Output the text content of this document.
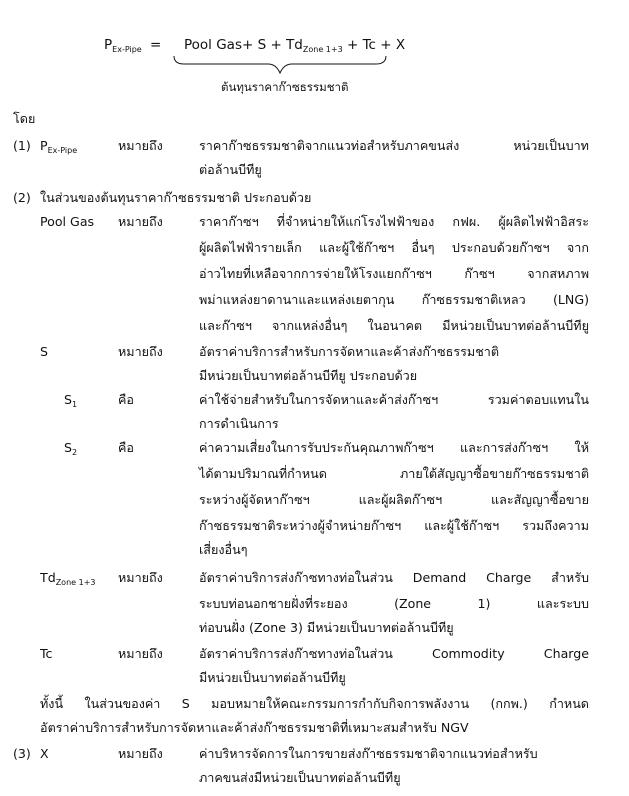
$P_{Ex-Pipe}$ = Pool $Gas+ S + Td_{Zone 1+3} + Tc + X$
ต้นทุนราคาก๊าซธรรมชาติ
โดย
(1) $P_{Ex-Pipe}$	หมายถึง	ราคาก๊าซธรรมชาติจากแนวท่อสำหรับภาคขนส่ง หน่วยเป็นบาท
ต่อล้านบีทียู
(2) ในส่วนของต้นทุนราคาก๊าซธรรมชาติ ประกอบด้วย
Pool Gas หมายถึง	ราคาก๊าซฯ ที่จำหน่ายให้แก่โรงไฟฟ้าของ กฟผ. ผู้ผลิตไฟฟ้าอิสระ
ผู้ผลิตไฟฟ้ารายเล็ก และผู้ใช้ก๊าซฯ อื่นๆ ประกอบด้วยก๊าซฯ จาก
อ่าวไทยที่เหลือจากการจ่ายให้โรงแยกก๊าซฯ ก๊าซฯ จากสหภาพ
พม่าแหล่งยาดานาและแหล่งเยตากุน ก๊าซธรรมชาติเหลว (LNG)
และก๊าซฯ จากแหล่งอื่นๆ ในอนาคต มีหน่วยเป็นบาทต่อล้านบีทียู
S	หมายถึง	อัตราค่าบริการสำหรับการจัดหาและค้าส่งก๊าซธรรมชาติ
มีหน่วยเป็นบาทต่อล้านบีทียู ประกอบด้วย
$S_1$	คือ	ค่าใช้จ่ายสำหรับในการจัดหาและค้าส่งก๊าซฯ รวมค่าตอบแทนใน
การดำเนินการ
$S_2$	คือ	ค่าความเสี่ยงในการรับประกันคุณภาพก๊าซฯ และการส่งก๊าซฯ ให้
ได้ตามปริมาณที่กำหนด ภายใต้สัญญาซื้อขายก๊าซธรรมชาติ
ระหว่างผู้จัดหาก๊าซฯ และผู้ผลิตก๊าซฯ และสัญญาซื้อขาย
ก๊าซธรรมชาติระหว่างผู้จำหน่ายก๊าซฯ และผู้ใช้ก๊าซฯ รวมถึงความ
เสี่ยงอื่นๆ
$Td_{Zone 1+3}$ หมายถึง	อัตราค่าบริการส่งก๊าซทางท่อในส่วน Demand Charge สำหรับ
ระบบท่อนอกชายฝั่งที่ระยอง (Zone 1) และระบบ
ท่อบนฝั่ง (Zone 3) มีหน่วยเป็นบาทต่อล้านบีทียู
Tc	หมายถึง	อัตราค่าบริการส่งก๊าซทางท่อในส่วน Commodity Charge
มีหน่วยเป็นบาทต่อล้านบีทียู
ทั้งนี้ ในส่วนของค่า S มอบหมายให้คณะกรรมการกำกับกิจการพลังงาน (กกพ.) กำหนด
อัตราค่าบริการสำหรับการจัดหาและค้าส่งก๊าซธรรมชาติที่เหมาะสมสำหรับ NGV
(3) X	หมายถึง	ค่าบริหารจัดการในการขายส่งก๊าซธรรมชาติจากแนวท่อสำหรับ
ภาคขนส่งมีหน่วยเป็นบาทต่อล้านบีทียู
